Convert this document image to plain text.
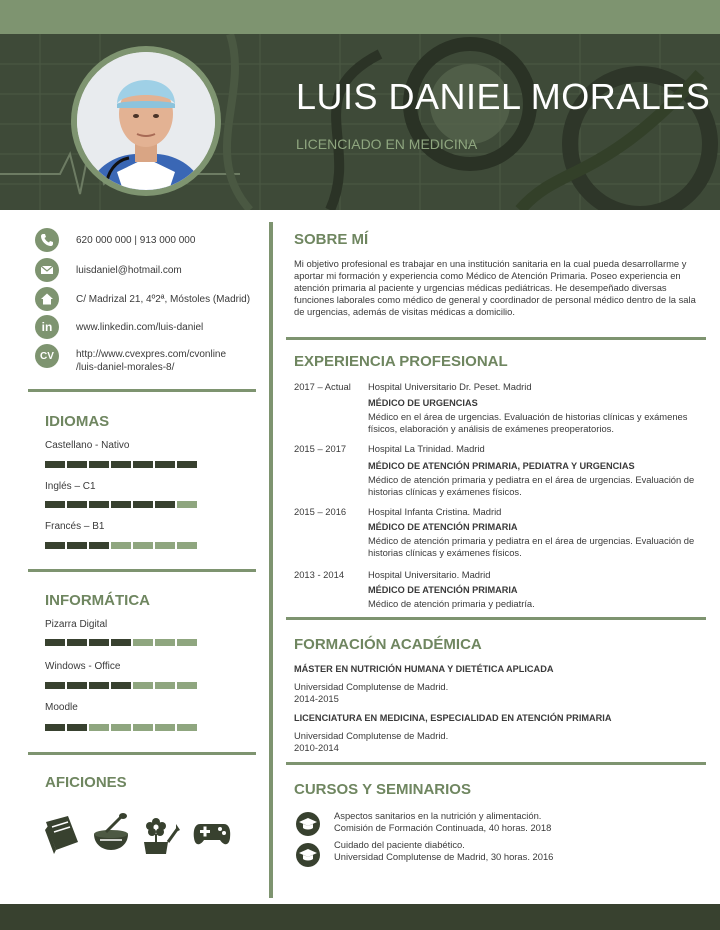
LUIS DANIEL MORALES
LICENCIADO EN MEDICINA
620 000 000 | 913 000 000
luisdaniel@hotmail.com
C/ Madrizal 21, 4º2ª, Móstoles (Madrid)
in www.linkedin.com/luis-daniel
CV http://www.cvexpres.com/cvonline
/luis-daniel-morales-8/
IDIOMAS
Castellano - Nativo
Inglés – C1
Francés – B1
INFORMÁTICA
Pizarra Digital
Windows - Office
Moodle
AFICIONES
SOBRE MÍ
Mi objetivo profesional es trabajar en una institución sanitaria en la cual pueda desarrollarme y aportar mi formación y experiencia como Médico de Atención Primaria. Poseo experiencia en atención primaria al paciente y urgencias médicas pediátricas. He desempeñado diversas funciones laborales como médico de general y coordinador de personal médico dentro de la sala de urgencias, además de visitas médicas a domicilio.
EXPERIENCIA PROFESIONAL
2017 – Actual Hospital Universitario Dr. Peset. Madrid
MÉDICO DE URGENCIAS
Médico en el área de urgencias. Evaluación de historias clínicas y exámenes físicos, elaboración y análisis de exámenes preoperatorios.
2015 – 2017 Hospital La Trinidad. Madrid
MÉDICO DE ATENCIÓN PRIMARIA, PEDIATRA Y URGENCIAS
Médico de atención primaria y pediatra en el área de urgencias. Evaluación de historias clínicas y exámenes físicos.
2015 – 2016 Hospital Infanta Cristina. Madrid
MÉDICO DE ATENCIÓN PRIMARIA
Médico de atención primaria y pediatra en el área de urgencias. Evaluación de historias clínicas y exámenes físicos.
2013 - 2014	Hospital Universitario. Madrid
MÉDICO DE ATENCIÓN PRIMARIA
Médico de atención primaria y pediatría.
FORMACIÓN ACADÉMICA
MÁSTER EN NUTRICIÓN HUMANA Y DIETÉTICA APLICADA
Universidad Complutense de Madrid.
2014-2015
LICENCIATURA EN MEDICINA, ESPECIALIDAD EN ATENCIÓN PRIMARIA
Universidad Complutense de Madrid.
2010-2014
CURSOS Y SEMINARIOS
Aspectos sanitarios en la nutrición y alimentación.
Comisión de Formación Continuada, 40 horas. 2018
Cuidado del paciente diabético.
Universidad Complutense de Madrid, 30 horas. 2016
